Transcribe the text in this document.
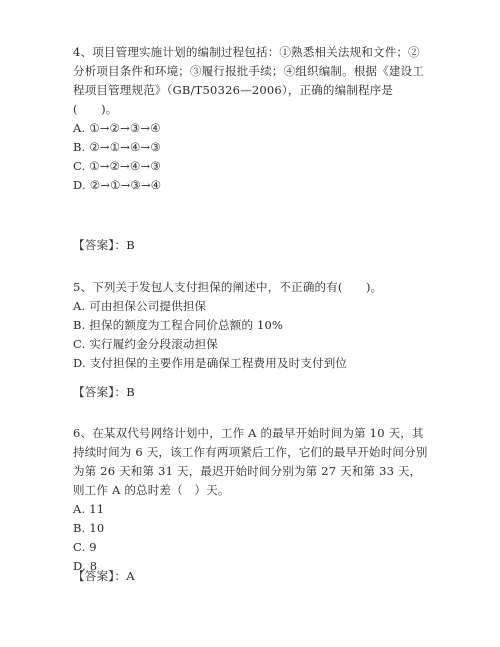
4、项目管理实施计划的编制过程包括：①熟悉相关法规和文件；②分析项目条件和环境；③履行报批手续；④组织编制。根据《建设工程项目管理规范》（GB/T50326—2006），正确的编制程序是(　　)。

A. ①→②→③→④
B. ②→①→④→③
C. ①→②→④→③
D. ②→①→③→④

【答案】：B

5、下列关于发包人支付担保的阐述中，不正确的有(　　)。

A. 可由担保公司提供担保
B. 担保的额度为工程合同价总额的 10%
C. 实行履约金分段滚动担保
D. 支付担保的主要作用是确保工程费用及时支付到位

【答案】：B

6、在某双代号网络计划中，工作 A 的最早开始时间为第 10 天，其持续时间为 6 天，该工作有两项紧后工作，它们的最早开始时间分别为第 26 天和第 31 天，最迟开始时间分别为第 27 天和第 33 天，则工作 A 的总时差（　）天。

A. 11
B. 10
C. 9
D. 8

【答案】：A
